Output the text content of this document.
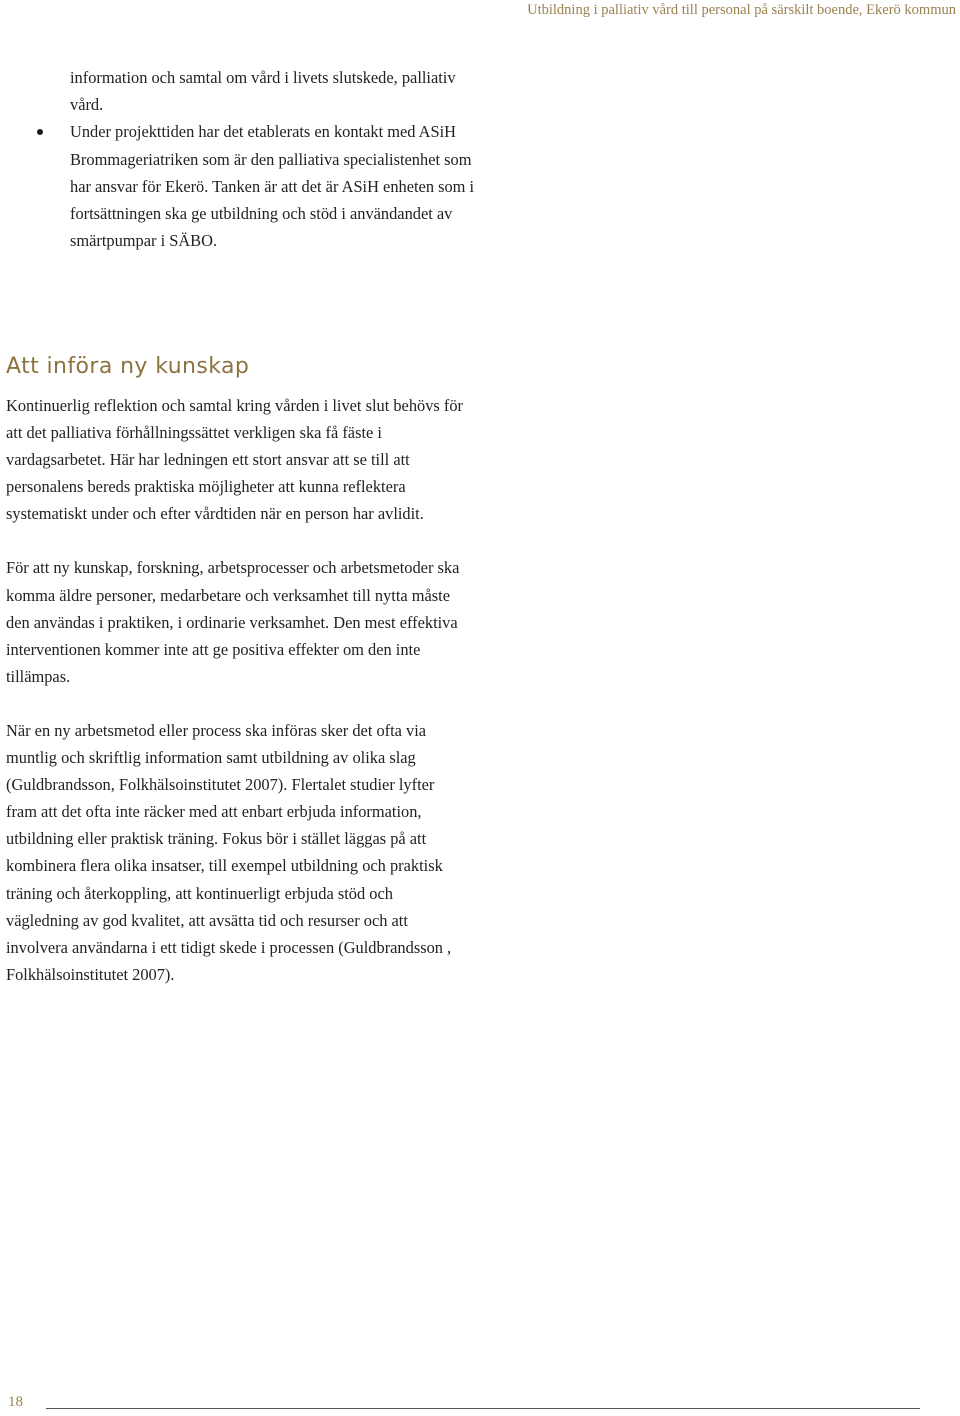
Utbildning i palliativ vård till personal på särskilt boende, Ekerö kommun

information och samtal om vård i livets slutskede, palliativ vård.

Under projekttiden har det etablerats en kontakt med ASiH Brommageriatriken som är den palliativa specialistenhet som har ansvar för Ekerö. Tanken är att det är ASiH enheten som i fortsättningen ska ge utbildning och stöd i användandet av smärtpumpar i SÄBO.
Att införa ny kunskap

Kontinuerlig reflektion och samtal kring vården i livet slut behövs för att det palliativa förhållningssättet verkligen ska få fäste i vardagsarbetet. Här har ledningen ett stort ansvar att se till att personalens bereds praktiska möjligheter att kunna reflektera systematiskt under och efter vårdtiden när en person har avlidit.

För att ny kunskap, forskning, arbetsprocesser och arbetsmetoder ska komma äldre personer, medarbetare och verksamhet till nytta måste den användas i praktiken, i ordinarie verksamhet. Den mest effektiva interventionen kommer inte att ge positiva effekter om den inte tillämpas.

När en ny arbetsmetod eller process ska införas sker det ofta via muntlig och skriftlig information samt utbildning av olika slag (Guldbrandsson, Folkhälsoinstitutet 2007). Flertalet studier lyfter fram att det ofta inte räcker med att enbart erbjuda information, utbildning eller praktisk träning. Fokus bör i stället läggas på att kombinera flera olika insatser, till exempel utbildning och praktisk träning och återkoppling, att kontinuerligt erbjuda stöd och vägledning av god kvalitet, att avsätta tid och resurser och att involvera användarna i ett tidigt skede i processen (Guldbrandsson , Folkhälsoinstitutet 2007).

18
